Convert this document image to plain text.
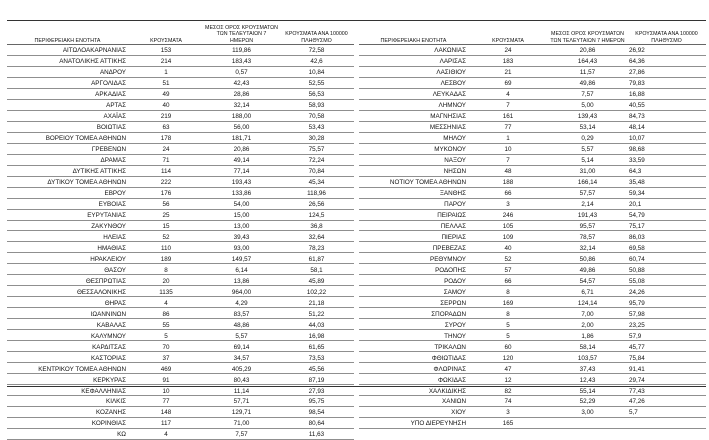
ΠΕΡΙΦΕΡΕΙΑΚΗ ΕΝΟΤΗΤΑ	ΚΡΟΥΣΜΑΤΑ	ΜΕΣΟΣ ΟΡΟΣ ΚΡΟΥΣΜΑΤΩΝ ΤΩΝ ΤΕΛΕΥΤΑΙΩΝ 7 ΗΜΕΡΩΝ	ΚΡΟΥΣΜΑΤΑ ΑΝΑ 100000 ΠΛΗΘΥΣΜΟ
ΑΙΤΩΛΟΑΚΑΡΝΑΝΙΑΣ	153	119,86	72,58
ΑΝΑΤΟΛΙΚΗΣ ΑΤΤΙΚΗΣ	214	183,43	42,6
ΑΝΔΡΟΥ	1	0,57	10,84
ΑΡΓΟΛΙΔΑΣ	51	42,43	52,55
ΑΡΚΑΔΙΑΣ	49	28,86	56,53
ΑΡΤΑΣ	40	32,14	58,93
ΑΧΑΪΑΣ	219	188,00	70,58
ΒΟΙΩΤΙΑΣ	63	56,00	53,43
ΒΟΡΕΙΟΥ ΤΟΜΕΑ ΑΘΗΝΩΝ	178	181,71	30,28
ΓΡΕΒΕΝΩΝ	24	20,86	75,57
ΔΡΑΜΑΣ	71	49,14	72,24
ΔΥΤΙΚΗΣ ΑΤΤΙΚΗΣ	114	77,14	70,84
ΔΥΤΙΚΟΥ ΤΟΜΕΑ ΑΘΗΝΩΝ	222	193,43	45,34
ΕΒΡΟΥ	176	133,86	118,96
ΕΥΒΟΙΑΣ	56	54,00	26,56
ΕΥΡΥΤΑΝΙΑΣ	25	15,00	124,5
ΖΑΚΥΝΘΟΥ	15	13,00	36,8
ΗΛΕΙΑΣ	52	39,43	32,64
ΗΜΑΘΙΑΣ	110	93,00	78,23
ΗΡΑΚΛΕΙΟΥ	189	149,57	61,87
ΘΑΣΟΥ	8	6,14	58,1
ΘΕΣΠΡΩΤΙΑΣ	20	13,86	45,89
ΘΕΣΣΑΛΟΝΙΚΗΣ	1135	964,00	102,22
ΘΗΡΑΣ	4	4,29	21,18
ΙΩΑΝΝΙΝΩΝ	86	83,57	51,22
ΚΑΒΑΛΑΣ	55	48,86	44,03
ΚΑΛΥΜΝΟΥ	5	5,57	16,98
ΚΑΡΔΙΤΣΑΣ	70	69,14	61,65
ΚΑΣΤΟΡΙΑΣ	37	34,57	73,53
ΚΕΝΤΡΙΚΟΥ ΤΟΜΕΑ ΑΘΗΝΩΝ	469	405,29	45,56
ΚΕΡΚΥΡΑΣ	91	80,43	87,19
ΚΕΦΑΛΛΗΝΙΑΣ	10	11,14	27,93
ΚΙΛΚΙΣ	77	57,71	95,75
ΚΟΖΑΝΗΣ	148	129,71	98,54
ΚΟΡΙΝΘΙΑΣ	117	71,00	80,64
ΚΩ	4	7,57	11,63
ΠΕΡΙΦΕΡΕΙΑΚΗ ΕΝΟΤΗΤΑ	ΚΡΟΥΣΜΑΤΑ	ΜΕΣΟΣ ΟΡΟΣ ΚΡΟΥΣΜΑΤΩΝ ΤΩΝ ΤΕΛΕΥΤΑΙΩΝ 7 ΗΜΕΡΩΝ	ΚΡΟΥΣΜΑΤΑ ΑΝΑ 100000 ΠΛΗΘΥΣΜΟ
ΛΑΚΩΝΙΑΣ	24	20,86	26,92
ΛΑΡΙΣΑΣ	183	164,43	64,36
ΛΑΣΙΘΙΟΥ	21	11,57	27,86
ΛΕΣΒΟΥ	69	49,86	79,83
ΛΕΥΚΑΔΑΣ	4	7,57	16,88
ΛΗΜΝΟΥ	7	5,00	40,55
ΜΑΓΝΗΣΙΑΣ	161	139,43	84,73
ΜΕΣΣΗΝΙΑΣ	77	53,14	48,14
ΜΗΛΟΥ	1	0,29	10,07
ΜΥΚΟΝΟΥ	10	5,57	98,68
ΝΑΞΟΥ	7	5,14	33,59
ΝΗΣΩΝ	48	31,00	64,3
ΝΟΤΙΟΥ ΤΟΜΕΑ ΑΘΗΝΩΝ	188	166,14	35,48
ΞΑΝΘΗΣ	66	57,57	59,34
ΠΑΡΟΥ	3	2,14	20,1
ΠΕΙΡΑΙΩΣ	246	191,43	54,79
ΠΕΛΛΑΣ	105	95,57	75,17
ΠΙΕΡΙΑΣ	109	78,57	86,03
ΠΡΕΒΕΖΑΣ	40	32,14	69,58
ΡΕΘΥΜΝΟΥ	52	50,86	60,74
ΡΟΔΟΠΗΣ	57	49,86	50,88
ΡΟΔΟΥ	66	54,57	55,08
ΣΑΜΟΥ	8	6,71	24,26
ΣΕΡΡΩΝ	169	124,14	95,79
ΣΠΟΡΑΔΩΝ	8	7,00	57,98
ΣΥΡΟΥ	5	2,00	23,25
ΤΗΝΟΥ	5	1,86	57,9
ΤΡΙΚΑΛΩΝ	60	58,14	45,77
ΦΘΙΩΤΙΔΑΣ	120	103,57	75,84
ΦΛΩΡΙΝΑΣ	47	37,43	91,41
ΦΩΚΙΔΑΣ	12	12,43	29,74
ΧΑΛΚΙΔΙΚΗΣ	82	55,14	77,43
ΧΑΝΙΩΝ	74	52,29	47,26
ΧΙΟΥ	3	3,00	5,7
ΥΠΟ ΔΙΕΡΕΥΝΗΣΗ	165		
